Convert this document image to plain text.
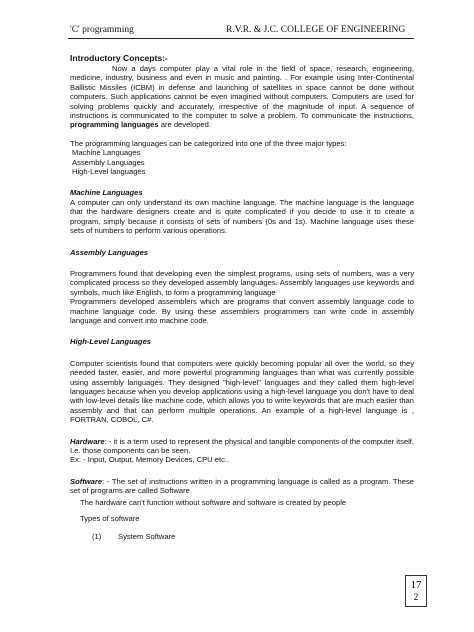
'C' programming	R.V.R. & J.C. COLLEGE OF ENGINEERING
Introductory Concepts:-

Now a days computer play a vital role in the field of space, research, engineering, medicine, industry, business and even in music and painting. . For example using Inter-Continental Ballistic Missiles (ICBM) in defense and launching of satellites in space cannot be done without computers. Such applications cannot be even imagined without computers. Computers are used for solving problems quickly and accurately, irrespective of the magnitude of input. A sequence of instructions is communicated to the computer to solve a problem. To communicate the instructions, programming languages are developed.

The programming languages can be categorized into one of the three major types:

Machine Languages
Assembly Languages
High-Level languages

Machine Languages

A computer can only understand its own machine language. The machine language is the language that the hardware designers create and is quite complicated if you decide to use it to create a program, simply because it consists of sets of numbers (0s and 1s). Machine language uses these sets of numbers to perform various operations.

Assembly Languages

Programmers found that developing even the simplest programs, using sets of numbers, was a very complicated process so they developed assembly languages. Assembly languages use keywords and symbols, much like English, to form a programming language

Programmers developed assemblers which are programs that convert assembly language code to machine language code. By using these assemblers programmers can write code in assembly language and convert into machine code.

High-Level Languages

Computer scientists found that computers were quickly becoming popular all over the world, so they needed faster, easier, and more powerful programming languages than what was currently possible using assembly languages. They designed "high-level" languages and they called them high-level languages because when you develop applications using a high-level language you don't have to deal with low-level details like machine code, which allows you to write keywords that are much easier than assembly and that can perform multiple operations. An example of a high-level language is , FORTRAN, COBOL, C#.

Hardware: - it is a term used to represent the physical and tangible components of the computer itself. I.e. those components can be seen.

Ex: - Input, Output, Memory Devices, CPU etc..

Software: - The set of instructions written in a programming language is called as a program. These set of programs are called Software.

The hardware can't function without software and software is created by people
Types of software
(1)	System Software
17
2
